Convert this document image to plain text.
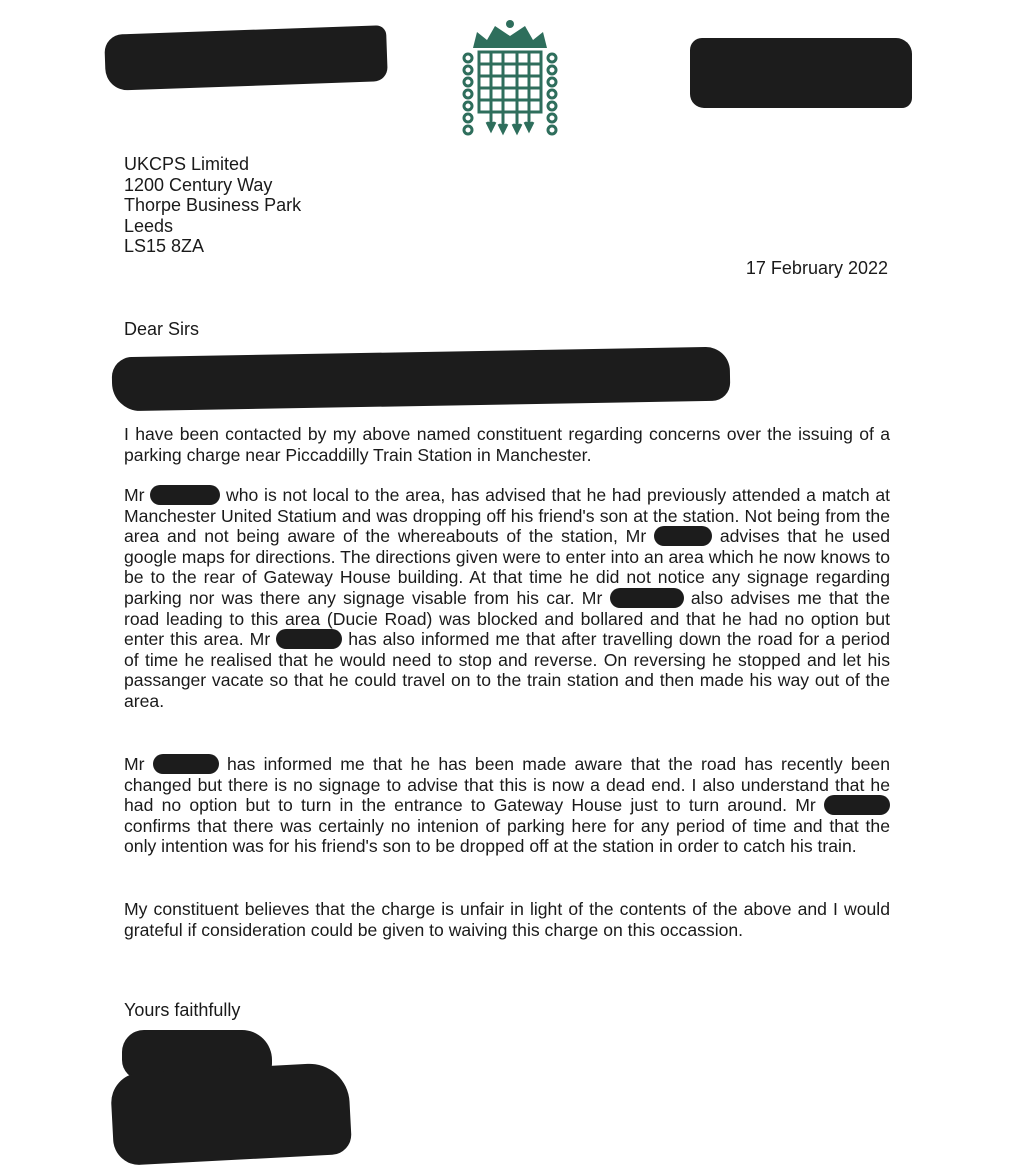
UKCPS Limited
1200 Century Way
Thorpe Business Park
Leeds
LS15 8ZA
17 February 2022
Dear Sirs
I have been contacted by my above named constituent regarding concerns over the issuing of a parking charge near Piccaddilly Train Station in Manchester.
Mr	who is not local to the area, has advised that he had previously attended a match at Manchester United Statium and was dropping off his friend's son at the station. Not being from the area and not being aware of the whereabouts of the station, Mr	advises that he used google maps for directions. The directions given were to enter into an area which he now knows to be to the rear of Gateway House building. At that time he did not notice any signage regarding parking nor was there any signage visable from his car. Mr	also advises me that the road leading to this area (Ducie Road) was blocked and bollared and that he had no option but enter this area. Mr	has also informed me that after travelling down the road for a period of time he realised that he would need to stop and reverse. On reversing he stopped and let his passanger vacate so that he could travel on to the train station and then made his way out of the area.
Mr	has informed me that he has been made aware that the road has recently been changed but there is no signage to advise that this is now a dead end. I also understand that he had no option but to turn in the entrance to Gateway House just to turn around. Mr  confirms that there was certainly no intenion of parking here for any period of time and that the only intention was for his friend's son to be dropped off at the station in order to catch his train.
My constituent believes that the charge is unfair in light of the contents of the above and I would grateful if consideration could be given to waiving this charge on this occassion.
Yours faithfully
